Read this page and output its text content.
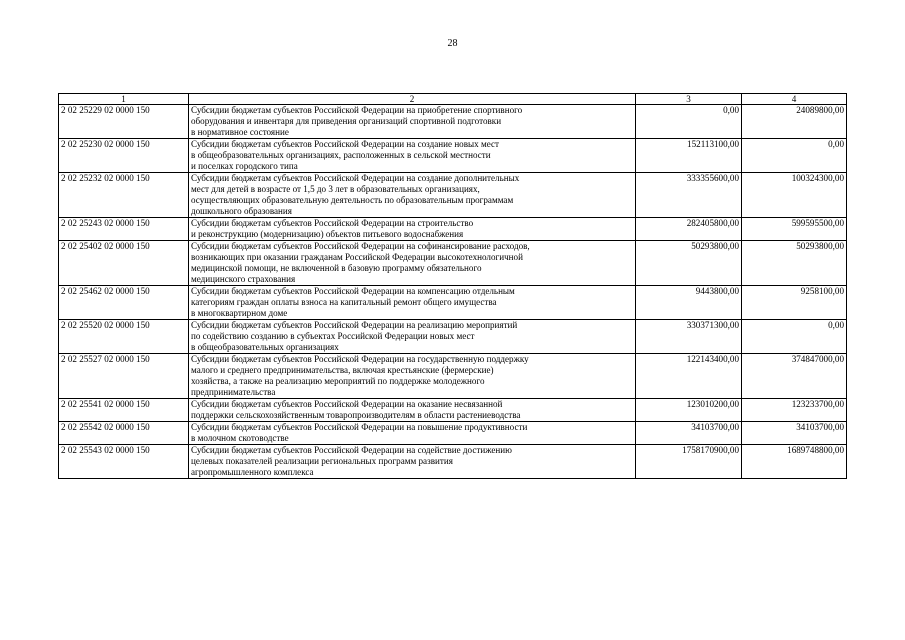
28
1	2	3	4
2 02 25229 02 0000 150	Субсидии бюджетам субъектов Российской Федерации на приобретение спортивного
оборудования и инвентаря для приведения организаций спортивной подготовки
в нормативное состояние	0,00	24089800,00
2 02 25230 02 0000 150	Субсидии бюджетам субъектов Российской Федерации на создание новых мест
в общеобразовательных организациях, расположенных в сельской местности
и поселках городского типа	152113100,00	0,00
2 02 25232 02 0000 150	Субсидии бюджетам субъектов Российской Федерации на создание дополнительных
мест для детей в возрасте от 1,5 до 3 лет в образовательных организациях,
осуществляющих образовательную деятельность по образовательным программам
дошкольного образования	333355600,00	100324300,00
2 02 25243 02 0000 150	Субсидии бюджетам субъектов Российской Федерации на строительство
и реконструкцию (модернизацию) объектов питьевого водоснабжения	282405800,00	599595500,00
2 02 25402 02 0000 150	Субсидии бюджетам субъектов Российской Федерации на софинансирование расходов,
возникающих при оказании гражданам Российской Федерации высокотехнологичной
медицинской помощи, не включенной в базовую программу обязательного
медицинского страхования	50293800,00	50293800,00
2 02 25462 02 0000 150	Субсидии бюджетам субъектов Российской Федерации на компенсацию отдельным
категориям граждан оплаты взноса на капитальный ремонт общего имущества
в многоквартирном доме	9443800,00	9258100,00
2 02 25520 02 0000 150	Субсидии бюджетам субъектов Российской Федерации на реализацию мероприятий
по содействию созданию в субъектах Российской Федерации новых мест
в общеобразовательных организациях	330371300,00	0,00
2 02 25527 02 0000 150	Субсидии бюджетам субъектов Российской Федерации на государственную поддержку
малого и среднего предпринимательства, включая крестьянские (фермерские)
хозяйства, а также на реализацию мероприятий по поддержке молодежного
предпринимательства	122143400,00	374847000,00
2 02 25541 02 0000 150	Субсидии бюджетам субъектов Российской Федерации на оказание несвязанной
поддержки сельскохозяйственным товаропроизводителям в области растениеводства	123010200,00	123233700,00
2 02 25542 02 0000 150	Субсидии бюджетам субъектов Российской Федерации на повышение продуктивности
в молочном скотоводстве	34103700,00	34103700,00
2 02 25543 02 0000 150	Субсидии бюджетам субъектов Российской Федерации на содействие достижению
целевых показателей реализации региональных программ развития
агропромышленного комплекса	1758170900,00	1689748800,00
